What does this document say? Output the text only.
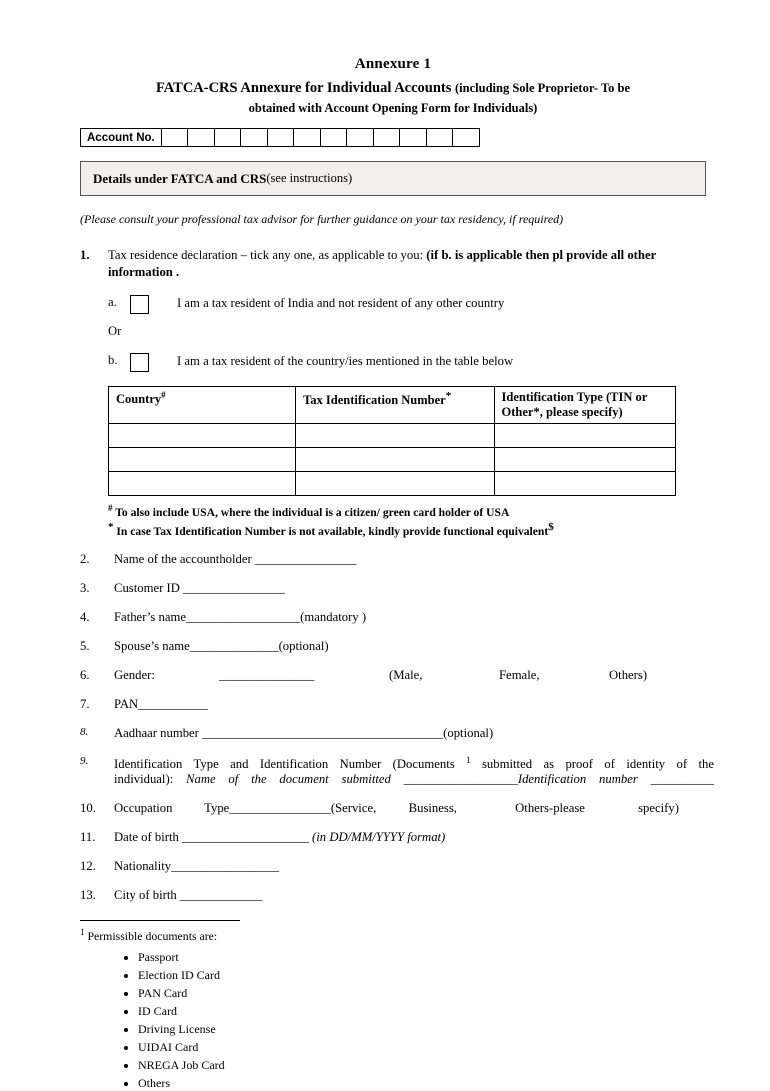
Annexure 1
FATCA-CRS Annexure for Individual Accounts (including Sole Proprietor- To be
obtained with Account Opening Form for Individuals)
Account No.
Details under FATCA and CRS (see instructions)
(Please consult your professional tax advisor for further guidance on your tax residency, if required)
1.	Tax residence declaration – tick any one, as applicable to you: (if b. is applicable then pl provide all other information .
a.	I am a tax resident of India and not resident of any other country
Or
b.	I am a tax resident of the country/ies mentioned in the table below
Country#	Tax Identification Number*	Identification Type (TIN or Other*, please specify)

# To also include USA, where the individual is a citizen/ green card holder of USA
* In case Tax Identification Number is not available, kindly provide functional equivalent$
2.	Name of the accountholder ________________
3.	Customer ID ________________
4.	Father’s name__________________(mandatory )
5.	Spouse’s name______________(optional)
6.	Gender:	_______________	(Male,	Female,	Others)
7.	PAN___________
8.	Aadhaar number ______________________________________(optional)
9.	Identification Type and Identification Number (Documents $^1$ submitted as proof of identity of the
individual): Name of the document submitted __________________Identification number __________
10.	Occupation	Type________________ (Service,	Business,	Others-please	specify)
11.	Date of birth ____________________ (in DD/MM/YYYY format)
12.	Nationality_________________
13.	City of birth _____________
$^1$ Permissible documents are:
• Passport
• Election ID Card
• PAN Card
• ID Card
• Driving License
• UIDAI Card
• NREGA Job Card
• Others
